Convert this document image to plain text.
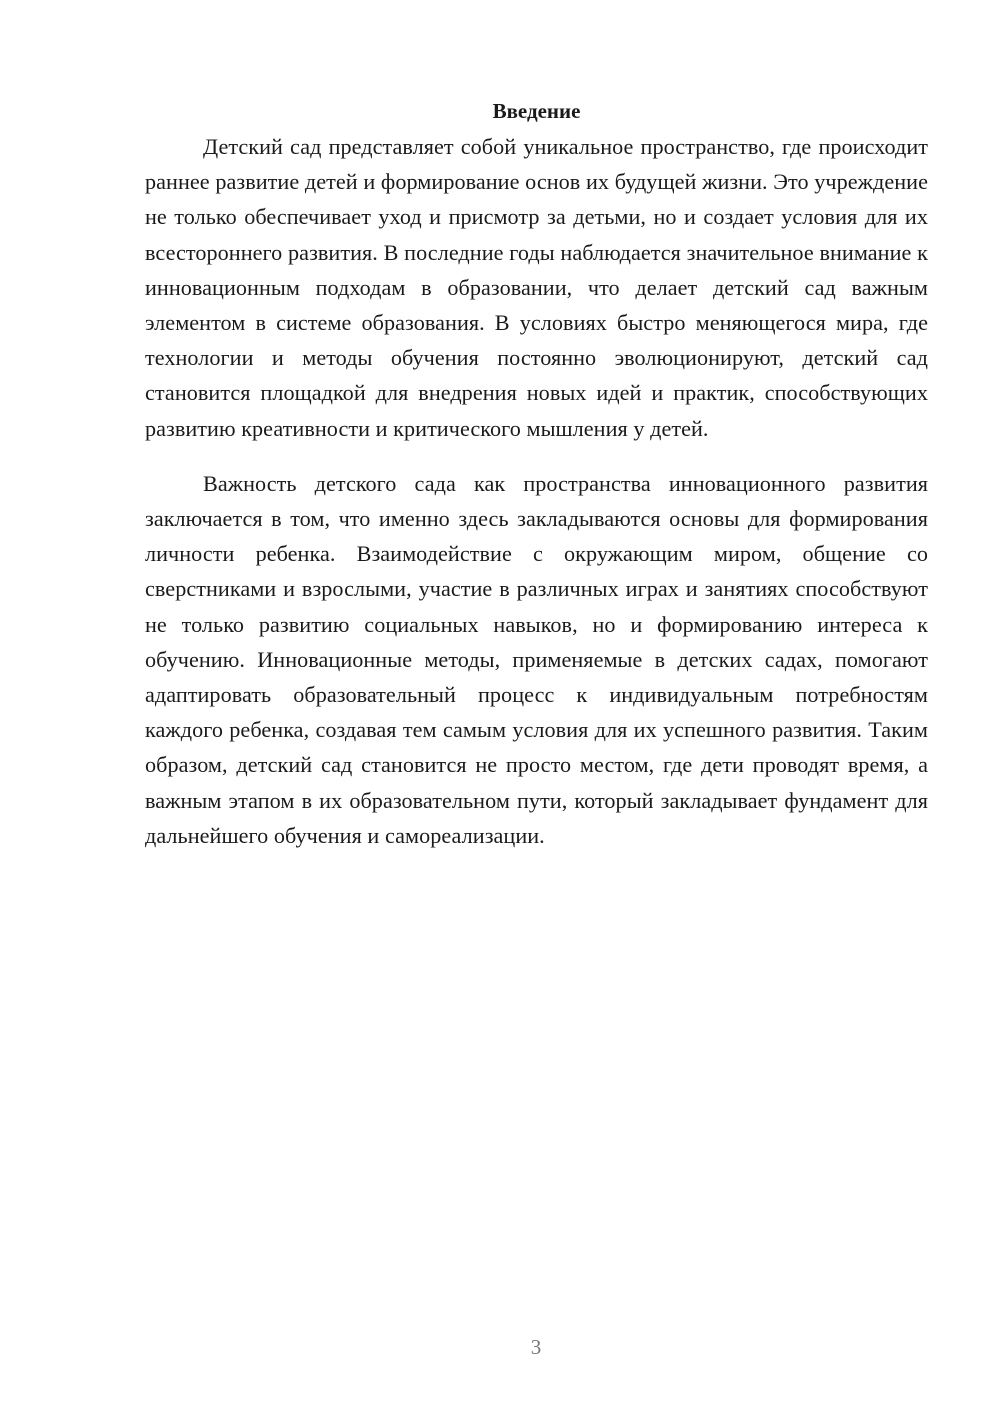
Введение

Детский сад представляет собой уникальное пространство, где происходит раннее развитие детей и формирование основ их будущей жизни. Это учреждение не только обеспечивает уход и присмотр за детьми, но и создает условия для их всестороннего развития. В последние годы наблюдается значительное внимание к инновационным подходам в образовании, что делает детский сад важным элементом в системе образования. В условиях быстро меняющегося мира, где технологии и методы обучения постоянно эволюционируют, детский сад становится площадкой для внедрения новых идей и практик, способствующих развитию креативности и критического мышления у детей.

Важность детского сада как пространства инновационного развития заключается в том, что именно здесь закладываются основы для формирования личности ребенка. Взаимодействие с окружающим миром, общение со сверстниками и взрослыми, участие в различных играх и занятиях способствуют не только развитию социальных навыков, но и формированию интереса к обучению. Инновационные методы, применяемые в детских садах, помогают адаптировать образовательный процесс к индивидуальным потребностям каждого ребенка, создавая тем самым условия для их успешного развития. Таким образом, детский сад становится не просто местом, где дети проводят время, а важным этапом в их образовательном пути, который закладывает фундамент для дальнейшего обучения и самореализации.

3
